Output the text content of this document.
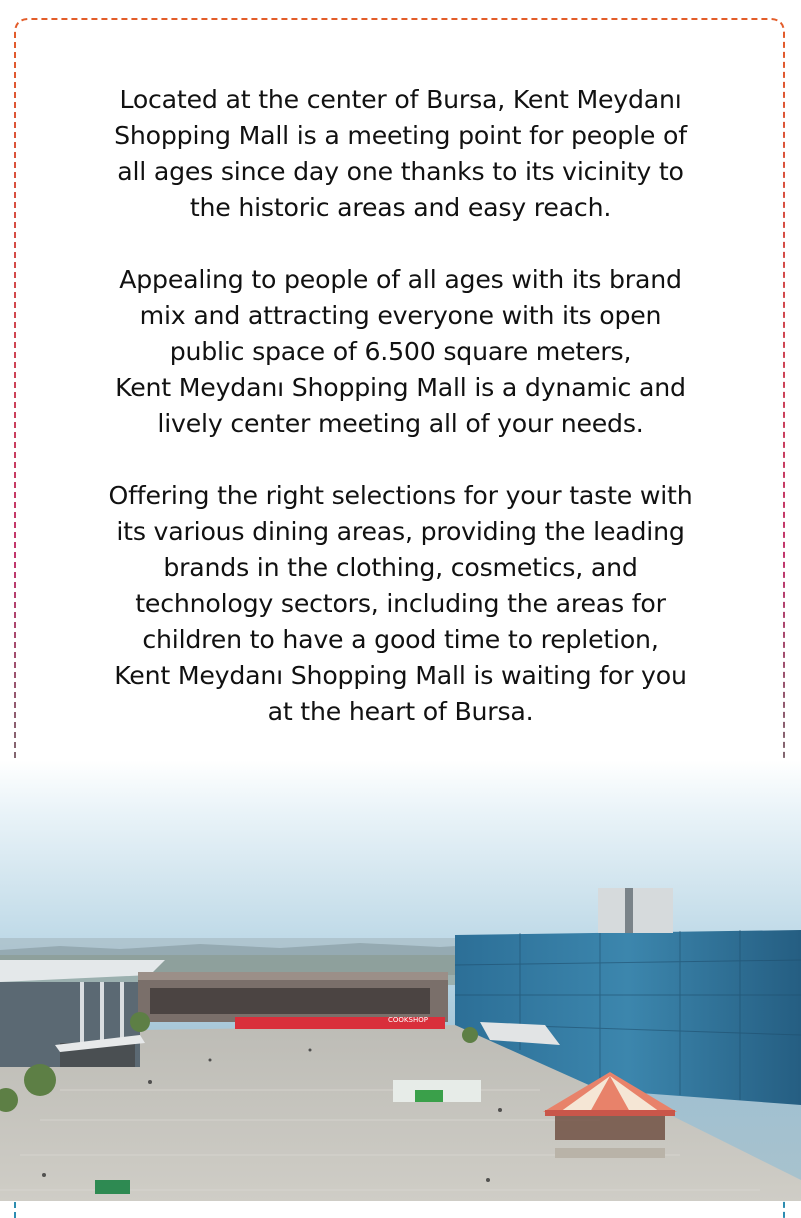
Located at the center of Bursa, Kent Meydanı
Shopping Mall is a meeting point for people of
all ages since day one thanks to its vicinity to
the historic areas and easy reach.

Appealing to people of all ages with its brand
mix and attracting everyone with its open
public space of 6.500 square meters,
Kent Meydanı Shopping Mall is a dynamic and
lively center meeting all of your needs.

Offering the right selections for your taste with
its various dining areas, providing the leading
brands in the clothing, cosmetics, and
technology sectors, including the areas for
children to have a good time to repletion,
Kent Meydanı Shopping Mall is waiting for you
at the heart of Bursa.

COOKSHOP
